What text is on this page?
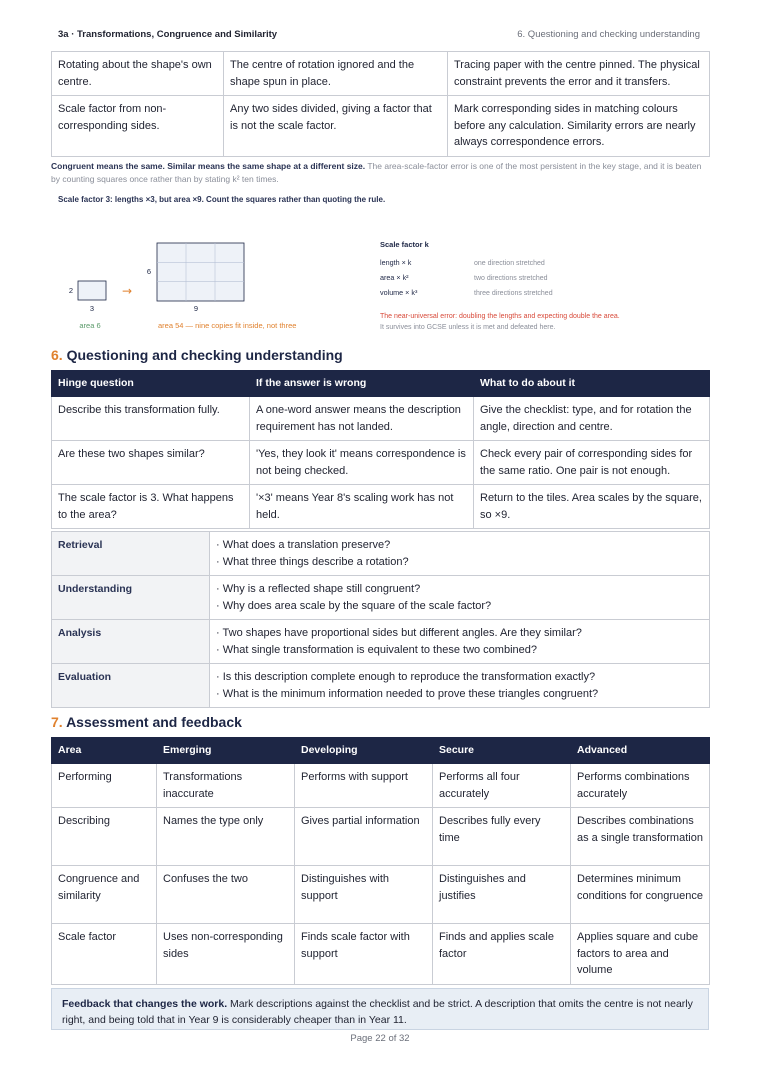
3a · Transformations, Congruence and Similarity	6. Questioning and checking understanding
Rotating about the shape's own centre.	The centre of rotation ignored and the shape spun in place.	Tracing paper with the centre pinned. The physical constraint prevents the error and it transfers.
Scale factor from non-corresponding sides.	Any two sides divided, giving a factor that is not the scale factor.	Mark corresponding sides in matching colours before any calculation. Similarity errors are nearly always correspondence errors.
Congruent means the same. Similar means the same shape at a different size. The area-scale-factor error is one of the most persistent in the key stage, and it is beaten by counting squares once rather than by stating k² ten times.
Scale factor 3: lengths ×3, but area ×9. Count the squares rather than quoting the rule.
2
3
area 6
→
6
9
area 54 — nine copies fit inside, not three
Scale factor k
length × k	one direction stretched
area × k²	two directions stretched
volume × k³	three directions stretched
The near-universal error: doubling the lengths and expecting double the area.
It survives into GCSE unless it is met and defeated here.
6. Questioning and checking understanding
Hinge question	If the answer is wrong	What to do about it
Describe this transformation fully.	A one-word answer means the description requirement has not landed.	Give the checklist: type, and for rotation the angle, direction and centre.
Are these two shapes similar?	'Yes, they look it' means correspondence is not being checked.	Check every pair of corresponding sides for the same ratio. One pair is not enough.
The scale factor is 3. What happens to the area?	'×3' means Year 8's scaling work has not held.	Return to the tiles. Area scales by the square, so ×9.
Retrieval	· What does a translation preserve?
· What three things describe a rotation?

Understanding	· Why is a reflected shape still congruent?
· Why does area scale by the square of the scale factor?

Analysis	· Two shapes have proportional sides but different angles. Are they similar?
· What single transformation is equivalent to these two combined?

Evaluation	· Is this description complete enough to reproduce the transformation exactly?
· What is the minimum information needed to prove these triangles congruent?
7. Assessment and feedback
Area	Emerging	Developing	Secure	Advanced
Performing	Transformations inaccurate	Performs with support	Performs all four accurately	Performs combinations accurately
Describing	Names the type only	Gives partial information	Describes fully every time	Describes combinations as a single transformation
Congruence and similarity	Confuses the two	Distinguishes with support	Distinguishes and justifies	Determines minimum conditions for congruence
Scale factor	Uses non-corresponding sides	Finds scale factor with support	Finds and applies scale factor	Applies square and cube factors to area and volume
Feedback that changes the work. Mark descriptions against the checklist and be strict. A description that omits the centre is not nearly right, and being told that in Year 9 is considerably cheaper than in Year 11.
Page 22 of 32
